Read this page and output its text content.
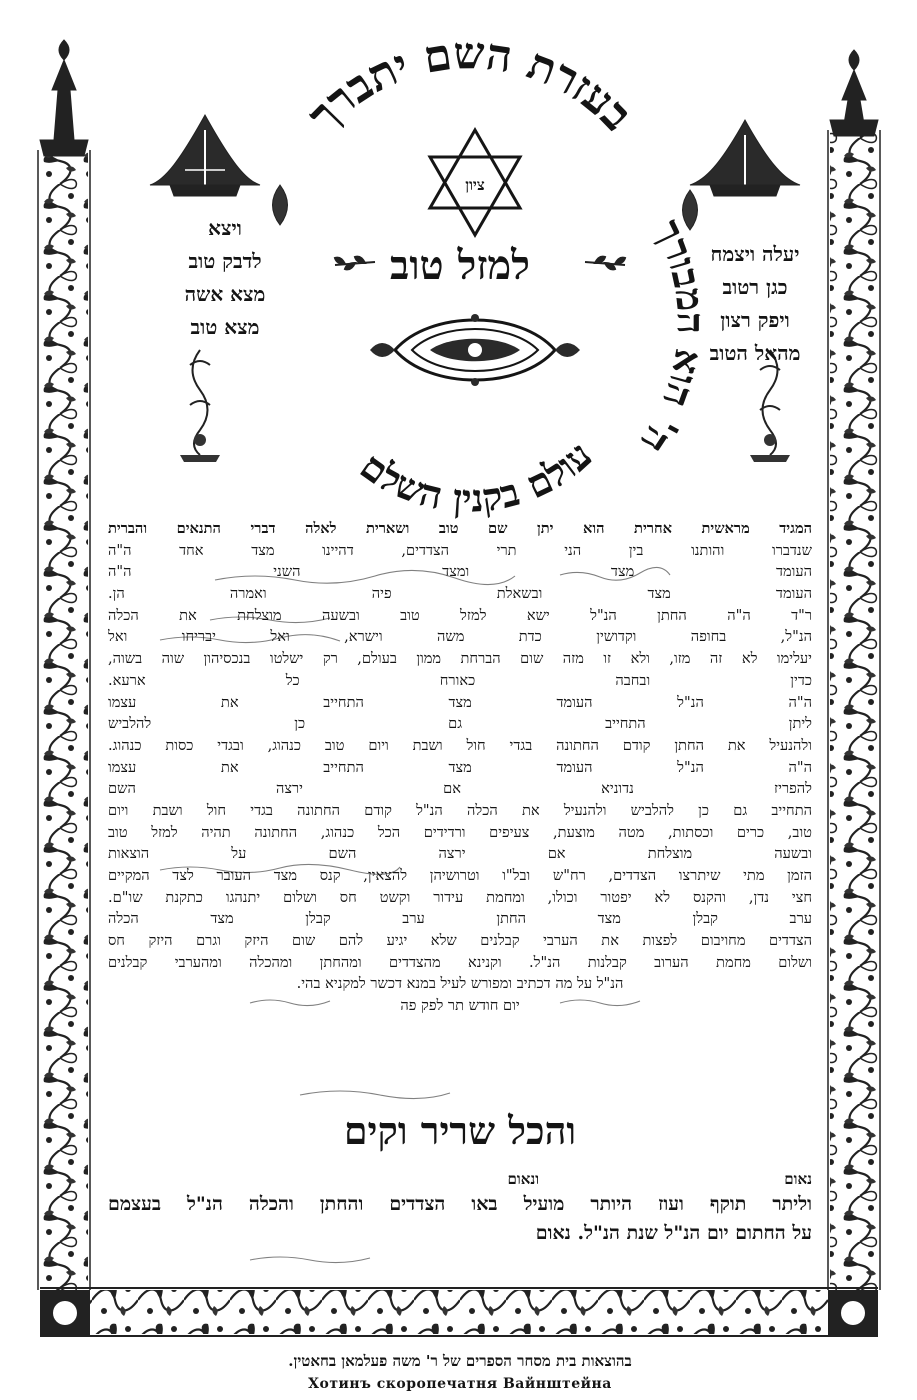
בעזרת השם יתברך
ה' הוא המבורך
עולם בקנין השלם
ציון
ויצא
לדבק טוב
מצא אשה
מצא טוב
יעלה ויצמח
כגן רטוב
ויפק רצון
מהאל הטוב
למזל טוב
המגיד מראשית אחרית הוא יתן שם טוב ושארית לאלה דברי התנאים והברית
שנדברו והותנו בין הני תרי הצדדים, דהיינו מצד אחד ה"ה
העומד מצד ומצד השני ה"ה
העומד מצד ובשאלת פיה ואמרה הן.
ר"ד ה"ה החתן הנ"ל ישא למזל טוב ובשעה מוצלחת את הכלה
הנ"ל, בחופה וקדושין כדת משה וישרא, ואל יבריחו ואל
יעלימו לא זה מזו, ולא זו מזה שום הברחת ממון בעולם, רק ישלטו בנכסיהון שוה בשוה,
כדין ובחבה כאורח כל ארעא.
ה"ה הנ"ל העומד מצד התחייב את עצמו
ליתן התחייב גם כן להלביש
ולהנעיל את החתן קודם החתונה בגדי חול ושבת ויום טוב כנהוג, ובגדי כסות כנהוג.
ה"ה הנ"ל העומד מצד התחייב את עצמו
להפריז נדוניא אם ירצה השם
התחייב גם כן להלביש ולהנעיל את הכלה הנ"ל קודם החתונה בגדי חול ושבת ויום
טוב, כרים וכסתות, מטה מוצעת, צעיפים ורדידים הכל כנהוג, החתונה תהיה למזל טוב
ובשעה מוצלחת אם ירצה השם על הוצאות
הזמן מתי שיתרצו הצדדים, רח"ש ובל"ו וטרושיהן להצאין, קנס מצד העובר לצד המקיים
חצי נדן, והקנס לא יפטור וכולו, ומחמת עידור וקשט חס ושלום יתנהגו כתקנת שו"ם.
ערב קבלן מצד החתן ערב קבלן מצד הכלה
הצדדים מחויבום לפצות את הערבי קבלנים שלא יגיע להם שום היזק וגרם היזק חס
ושלום מחמת הערוב קבלנות הנ"ל. וקנינא מהצדדים ומהחתן ומהכלה ומהערבי קבלנים
הנ"ל על מה דכתיב ומפורש לעיל במנא דכשר למקניא בהי.
יום חודש תר לפק פה
והכל שריר וקים
נאום ונאום
וליתר תוקף ועוז היותר מועיל באו הצדדים והחתן והכלה הנ"ל בעצמם
על החתום יום הנ"ל שנת הנ"ל. נאום
בהוצאות בית מסחר הספרים של ר' משה פעלמאן בחאטין.
Хотинъ скоропечатня Вайнштейна
